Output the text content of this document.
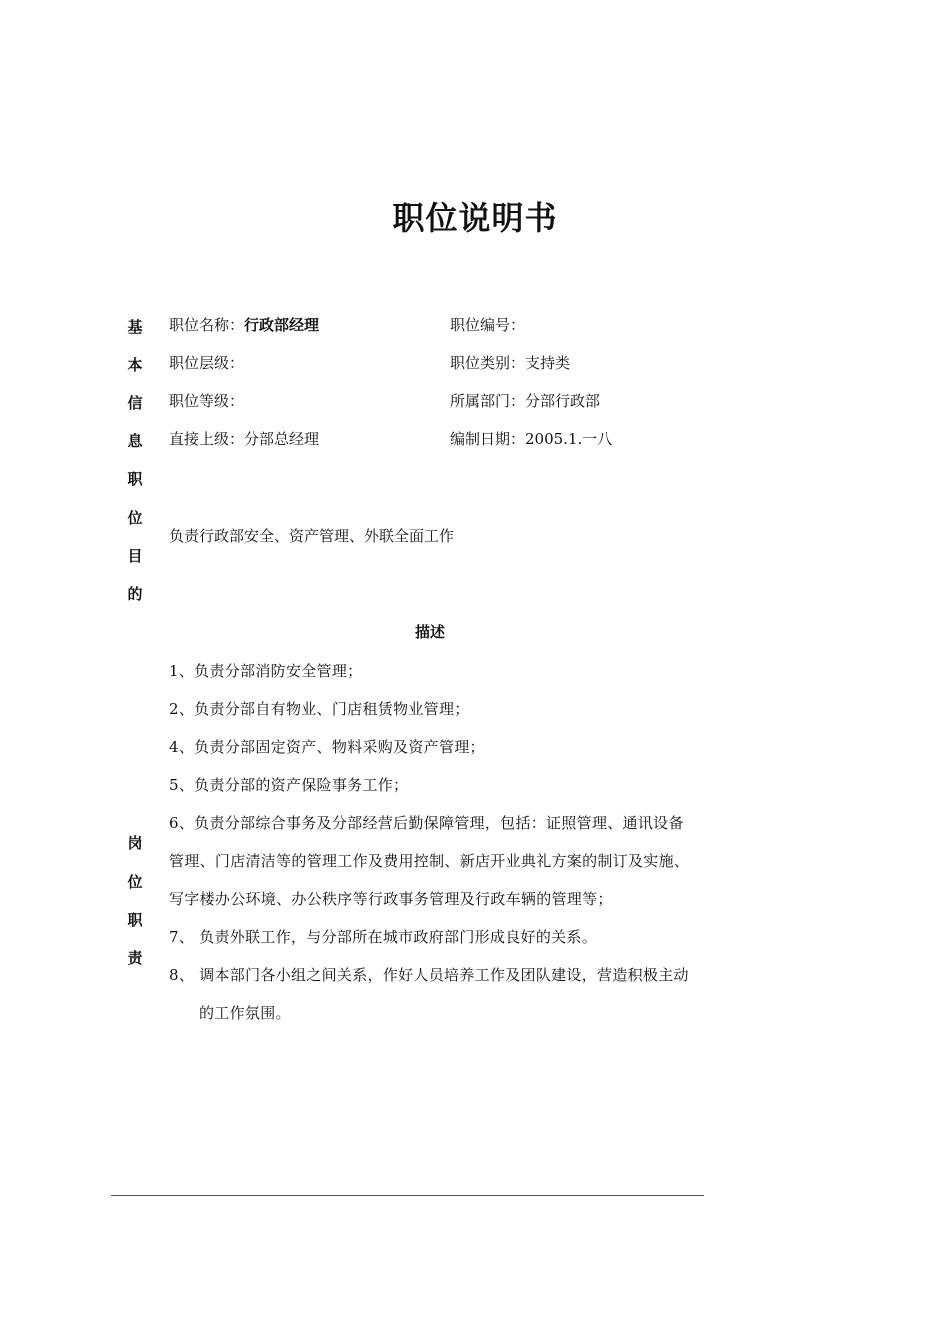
职位说明书
基
本
信
息
职
位
目
的
岗
位
职
责
职位名称：行政部经理	职位编号：
职位层级：	职位类别：支持类
职位等级：	所属部门：分部行政部
直接上级：分部总经理	编制日期：2005.1.一八
负责行政部安全、资产管理、外联全面工作
描述
1、负责分部消防安全管理；
2、负责分部自有物业、门店租赁物业管理；
4、负责分部固定资产、物料采购及资产管理；
5、负责分部的资产保险事务工作；
6、负责分部综合事务及分部经营后勤保障管理，包括：证照管理、通讯设备管理、门店清洁等的管理工作及费用控制、新店开业典礼方案的制订及实施、写字楼办公环境、办公秩序等行政事务管理及行政车辆的管理等；
7、 负责外联工作，与分部所在城市政府部门形成良好的关系。
8、 调本部门各小组之间关系，作好人员培养工作及团队建设，营造积极主动的工作氛围。
